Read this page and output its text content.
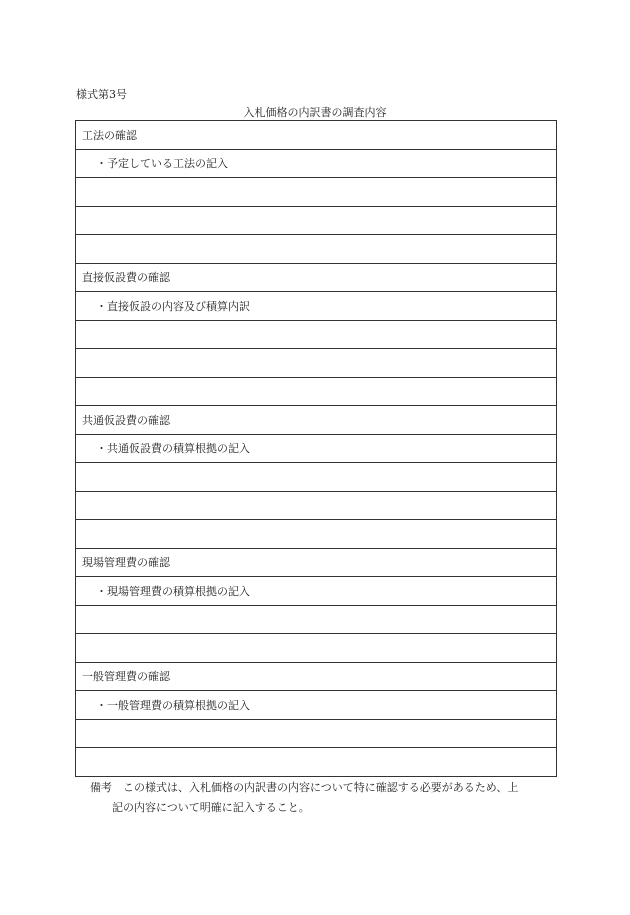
様式第3号
入札価格の内訳書の調査内容
工法の確認
・予定している工法の記入

直接仮設費の確認
・直接仮設の内容及び積算内訳

共通仮設費の確認
・共通仮設費の積算根拠の記入

現場管理費の確認
・現場管理費の積算根拠の記入

一般管理費の確認
・一般管理費の積算根拠の記入

備考　この様式は、入札価格の内訳書の内容について特に確認する必要があるため、上
記の内容について明確に記入すること。
